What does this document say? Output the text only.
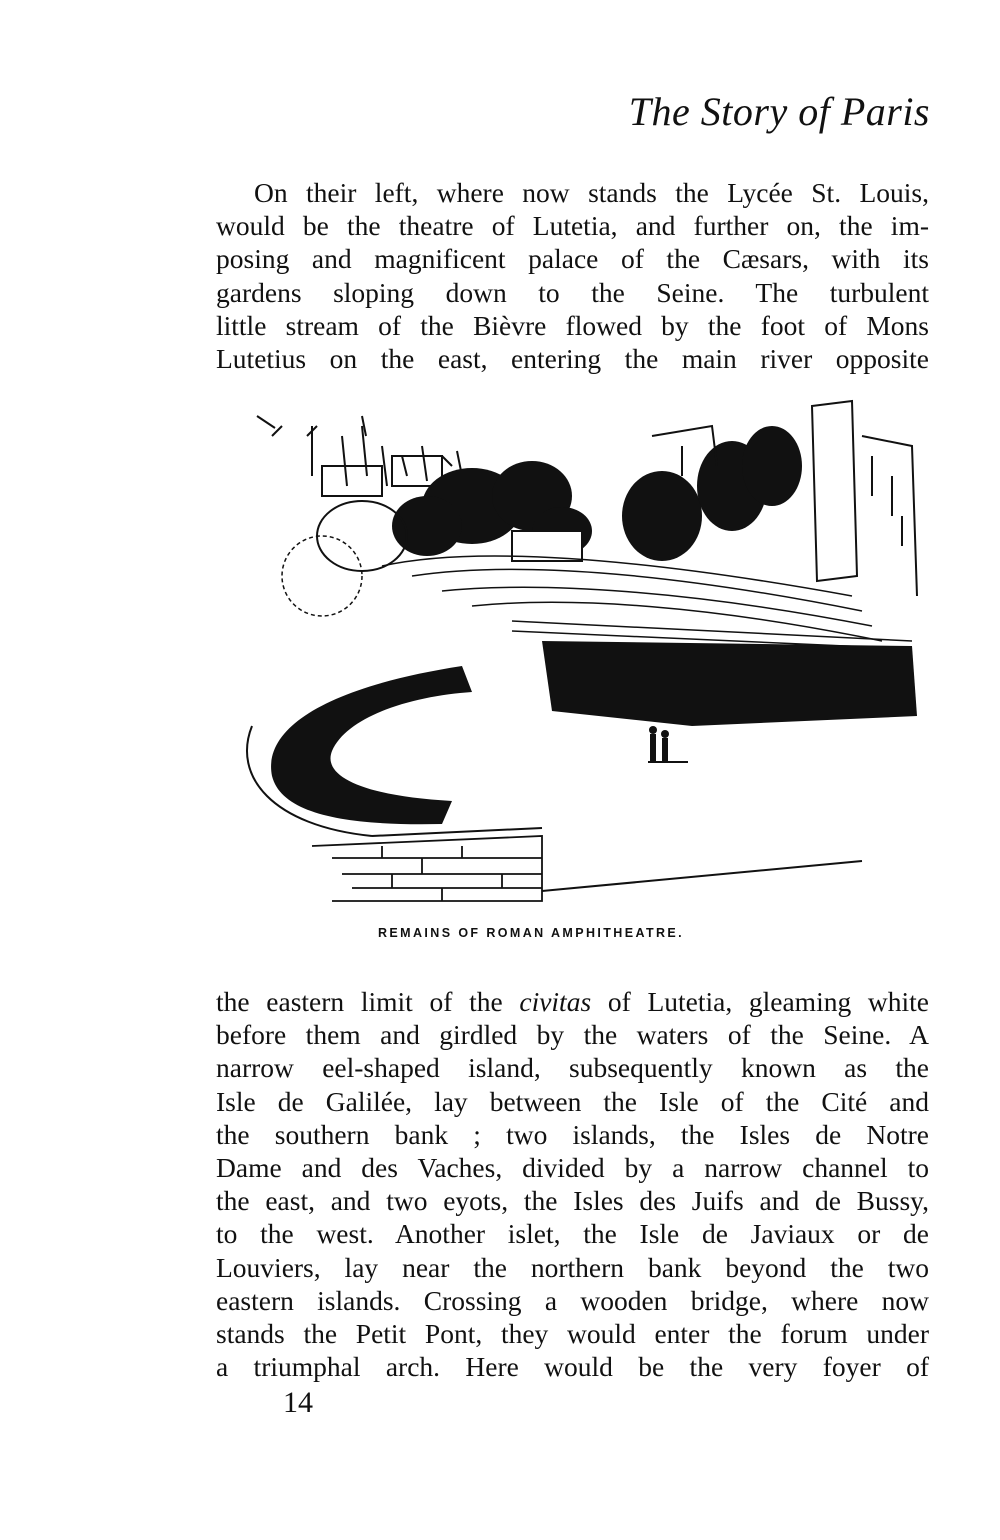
The Story of Paris
On their left, where now stands the Lycée St. Louis,
would be the theatre of Lutetia, and further on, the im-
posing and magnificent palace of the Cæsars, with its
gardens sloping down to the Seine. The turbulent
little stream of the Bièvre flowed by the foot of Mons
Lutetius on the east, entering the main river opposite
REMAINS OF ROMAN AMPHITHEATRE.
the eastern limit of the civitas of Lutetia, gleaming white
before them and girdled by the waters of the Seine. A
narrow eel-shaped island, subsequently known as the
Isle de Galilée, lay between the Isle of the Cité and
the southern bank ; two islands, the Isles de Notre
Dame and des Vaches, divided by a narrow channel to
the east, and two eyots, the Isles des Juifs and de Bussy,
to the west. Another islet, the Isle de Javiaux or de
Louviers, lay near the northern bank beyond the two
eastern islands. Crossing a wooden bridge, where now
stands the Petit Pont, they would enter the forum under
a triumphal arch. Here would be the very foyer of
14
